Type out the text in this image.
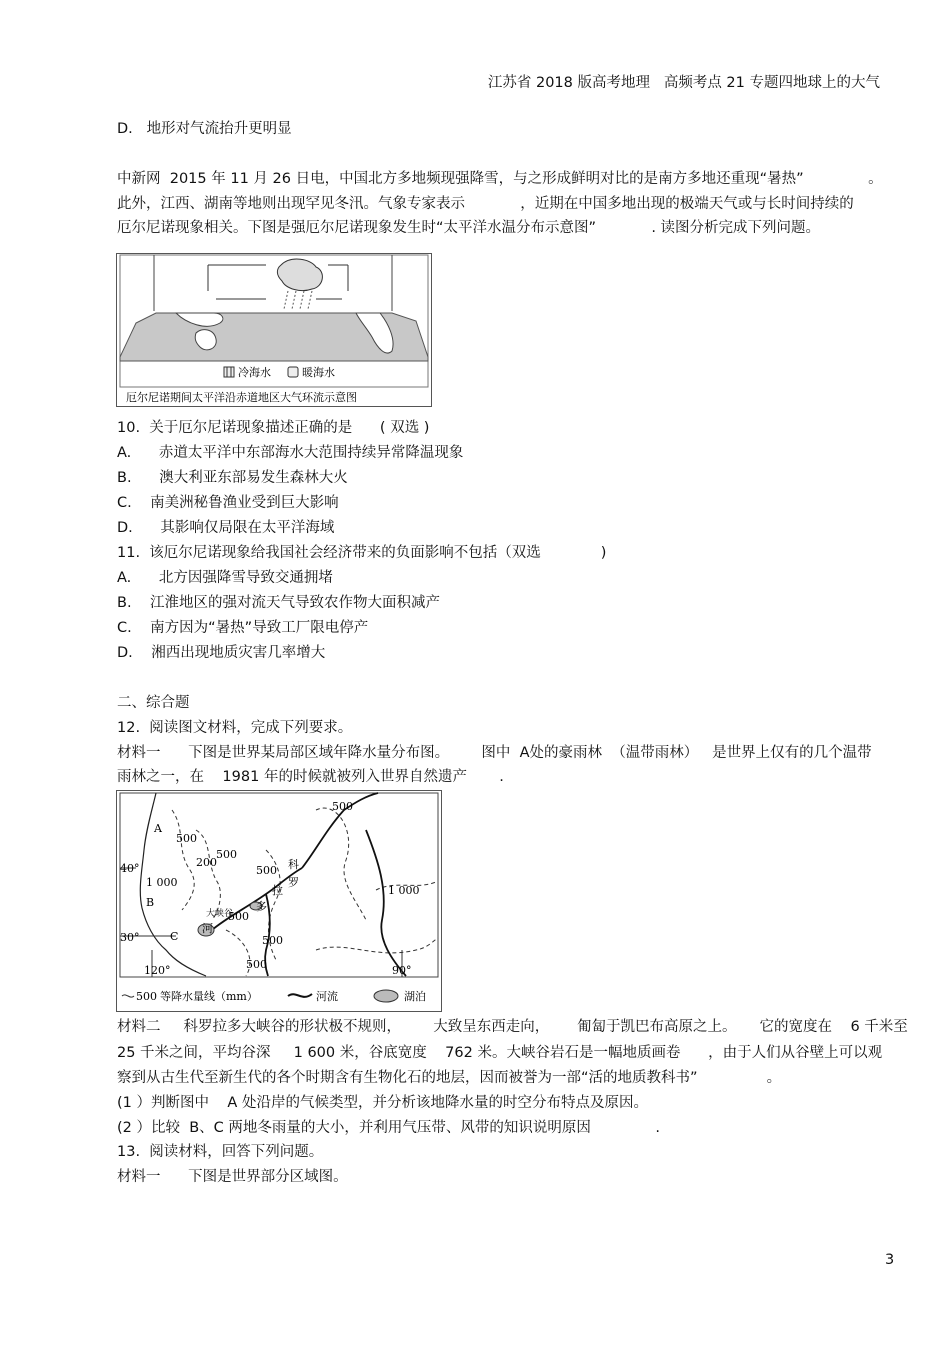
江苏省 2018 版高考地理   高频考点 21 专题四地球上的大气
D.   地形对气流抬升更明显
中新网  2015 年 11 月 26 日电，中国北方多地频现强降雪，与之形成鲜明对比的是南方多地还重现“暑热”              。
此外，江西、湖南等地则出现罕见冬汛。气象专家表示            ，近期在中国多地出现的极端天气或与长时间持续的
厄尔尼诺现象相关。下图是强厄尔尼诺现象发生时“太平洋水温分布示意图”            . 读图分析完成下列问题。
冷海水	暖海水
厄尔尼诺期间太平洋沿赤道地区大气环流示意图
10.  关于厄尔尼诺现象描述正确的是      ( 双选 )
A.      赤道太平洋中东部海水大范围持续异常降温现象
B.      澳大利亚东部易发生森林大火
C.    南美洲秘鲁渔业受到巨大影响
D.      其影响仅局限在太平洋海域
11.  该厄尔尼诺现象给我国社会经济带来的负面影响不包括（双选             )
A.      北方因强降雪导致交通拥堵
B.    江淮地区的强对流天气导致农作物大面积减产
C.    南方因为“暑热”导致工厂限电停产
D.    湘西出现地质灾害几率增大
二、综合题
12.  阅读图文材料，完成下列要求。
材料一      下图是世界某局部区域年降水量分布图。       图中  A处的豪雨林  （温带雨林）   是世界上仅有的几个温带
雨林之一，在    1981 年的时候就被列入世界自然遗产       .
A
B
C
40°
30°
120°	90°
500
500
500
500
500
500
500
200
1 000
1 000
科
罗
拉
多
大峡谷
河
500 等降水量线（mm）	河流	湖泊
材料二     科罗拉多大峡谷的形状极不规则，       大致呈东西走向，      匍匐于凯巴布高原之上。     它的宽度在    6 千米至
25 千米之间，平均谷深     1 600 米，谷底宽度    762 米。大峡谷岩石是一幅地质画卷      ，由于人们从谷壁上可以观
察到从古生代至新生代的各个时期含有生物化石的地层，因而被誉为一部“活的地质教科书”               。
(1 ）判断图中    A 处沿岸的气候类型，并分析该地降水量的时空分布特点及原因。
(2 ）比较  B、C 两地冬雨量的大小，并利用气压带、风带的知识说明原因              .
13.  阅读材料，回答下列问题。
材料一      下图是世界部分区域图。
3
